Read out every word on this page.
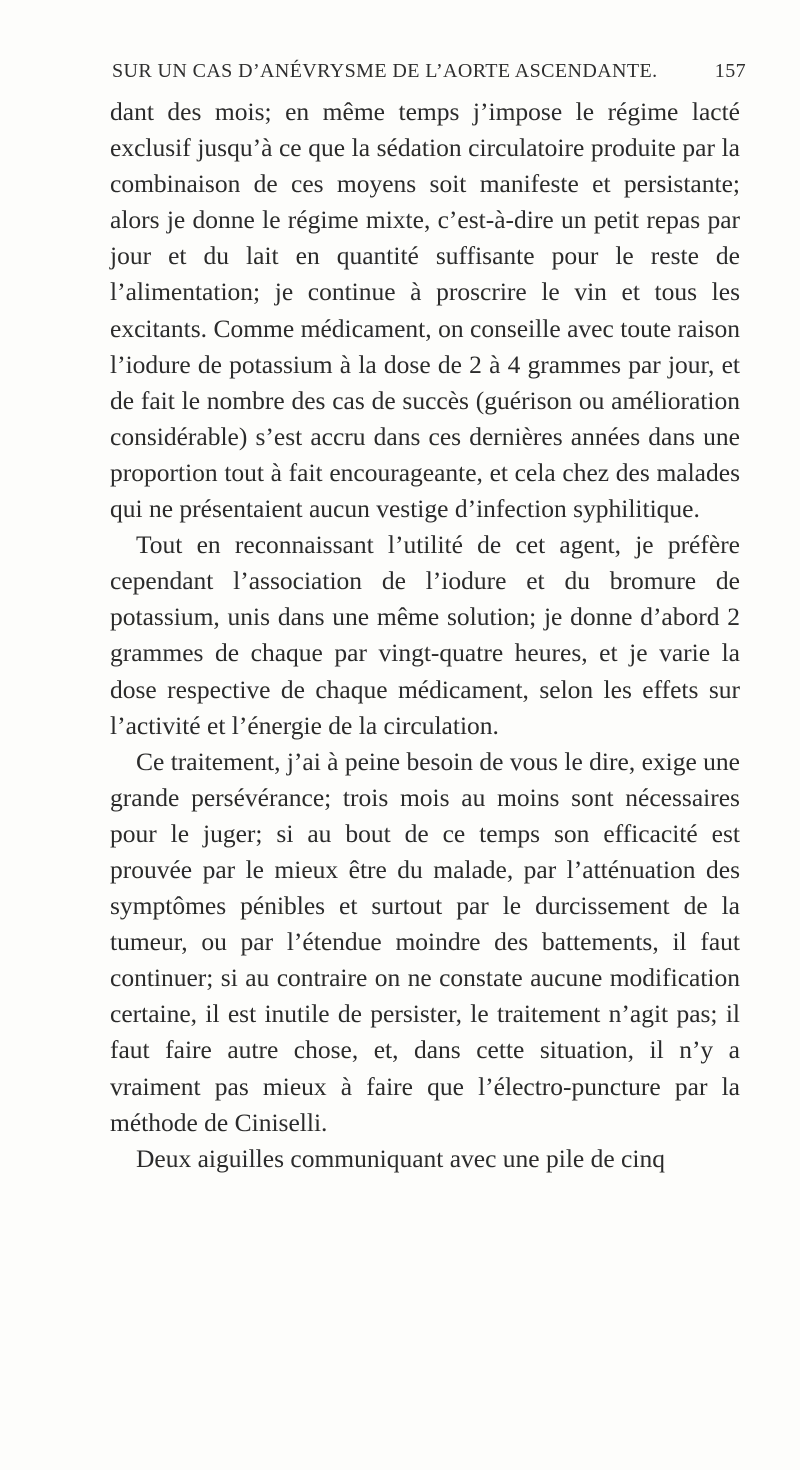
SUR UN CAS D’ANÉVRYSME DE L’AORTE ASCENDANTE.	157

dant des mois; en même temps j’impose le régime lacté exclusif jusqu’à ce que la sédation circulatoire produite par la combinaison de ces moyens soit manifeste et persistante; alors je donne le régime mixte, c’est-à-dire un petit repas par jour et du lait en quantité suffisante pour le reste de l’alimentation; je continue à proscrire le vin et tous les excitants. Comme médicament, on conseille avec toute raison l’iodure de potassium à la dose de 2 à 4 grammes par jour, et de fait le nombre des cas de succès (guérison ou amélioration considérable) s’est accru dans ces dernières années dans une proportion tout à fait encourageante, et cela chez des malades qui ne présentaient aucun vestige d’infection syphilitique.

Tout en reconnaissant l’utilité de cet agent, je préfère cependant l’association de l’iodure et du bromure de potassium, unis dans une même solution; je donne d’abord 2 grammes de chaque par vingt-quatre heures, et je varie la dose respective de chaque médicament, selon les effets sur l’activité et l’énergie de la circulation.

Ce traitement, j’ai à peine besoin de vous le dire, exige une grande persévérance; trois mois au moins sont nécessaires pour le juger; si au bout de ce temps son efficacité est prouvée par le mieux être du malade, par l’atténuation des symptômes pénibles et surtout par le durcissement de la tumeur, ou par l’étendue moindre des battements, il faut continuer; si au contraire on ne constate aucune modification certaine, il est inutile de persister, le traitement n’agit pas; il faut faire autre chose, et, dans cette situation, il n’y a vraiment pas mieux à faire que l’électro-puncture par la méthode de Ciniselli.

Deux aiguilles communiquant avec une pile de cinq
